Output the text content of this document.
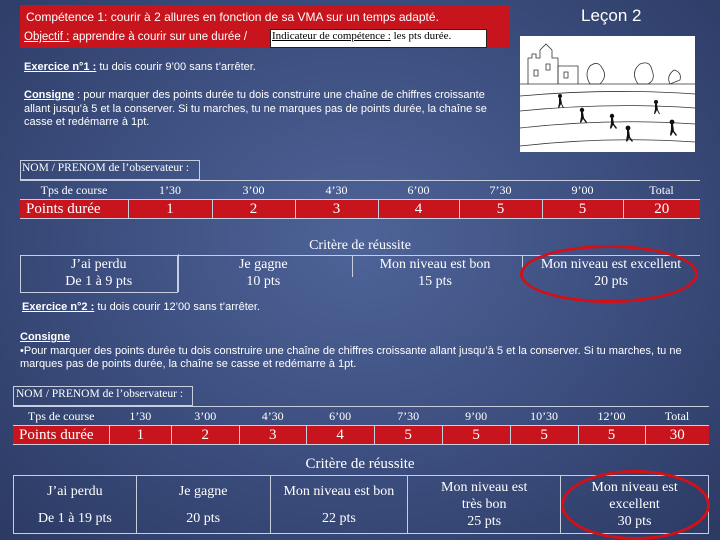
Compétence 1: courir à 2 allures en fonction de sa VMA sur un temps adapté.
Objectif : apprendre à courir sur une durée / Indicateur de compétence : les pts durée.
Leçon 2
Exercice n°1 : tu dois courir 9’00 sans t’arrêter.
Consigne : pour marquer des points durée tu dois construire une chaîne de chiffres croissante allant jusqu’à 5 et la conserver. Si tu marches, tu ne marques pas de points durée, la chaîne se casse et redémarre à 1pt.
NOM / PRENOM de l’observateur :
Tps de course	1’30	3’00	4’30	6’00	7’30	9’00	Total
Points durée	1	2	3	4	5	5	20
Critère de réussite

J’ai perdu
De 1 à 9 pts

Je gagne
10 pts

Mon niveau est bon
15 pts

Mon niveau est excellent
20 pts
Exercice n°2 : tu dois courir 12’00 sans t’arrêter.
Consigne
•Pour marquer des points durée tu dois construire une chaîne de chiffres croissante allant jusqu’à 5 et la conserver. Si tu marches, tu ne marques pas de points durée, la chaîne se casse et redémarre à 1pt.
NOM / PRENOM de l’observateur :
Tps de course	1’30	3’00	4’30	6’00	7’30	9’00	10’30	12’00	Total
Points durée	1	2	3	4	5	5	5	5	30
Critère de réussite
J’ai perdu
De 1 à 19 pts

Je gagne
20 pts

Mon niveau est bon
22 pts

Mon niveau est très bon
25 pts

Mon niveau est excellent
30 pts
